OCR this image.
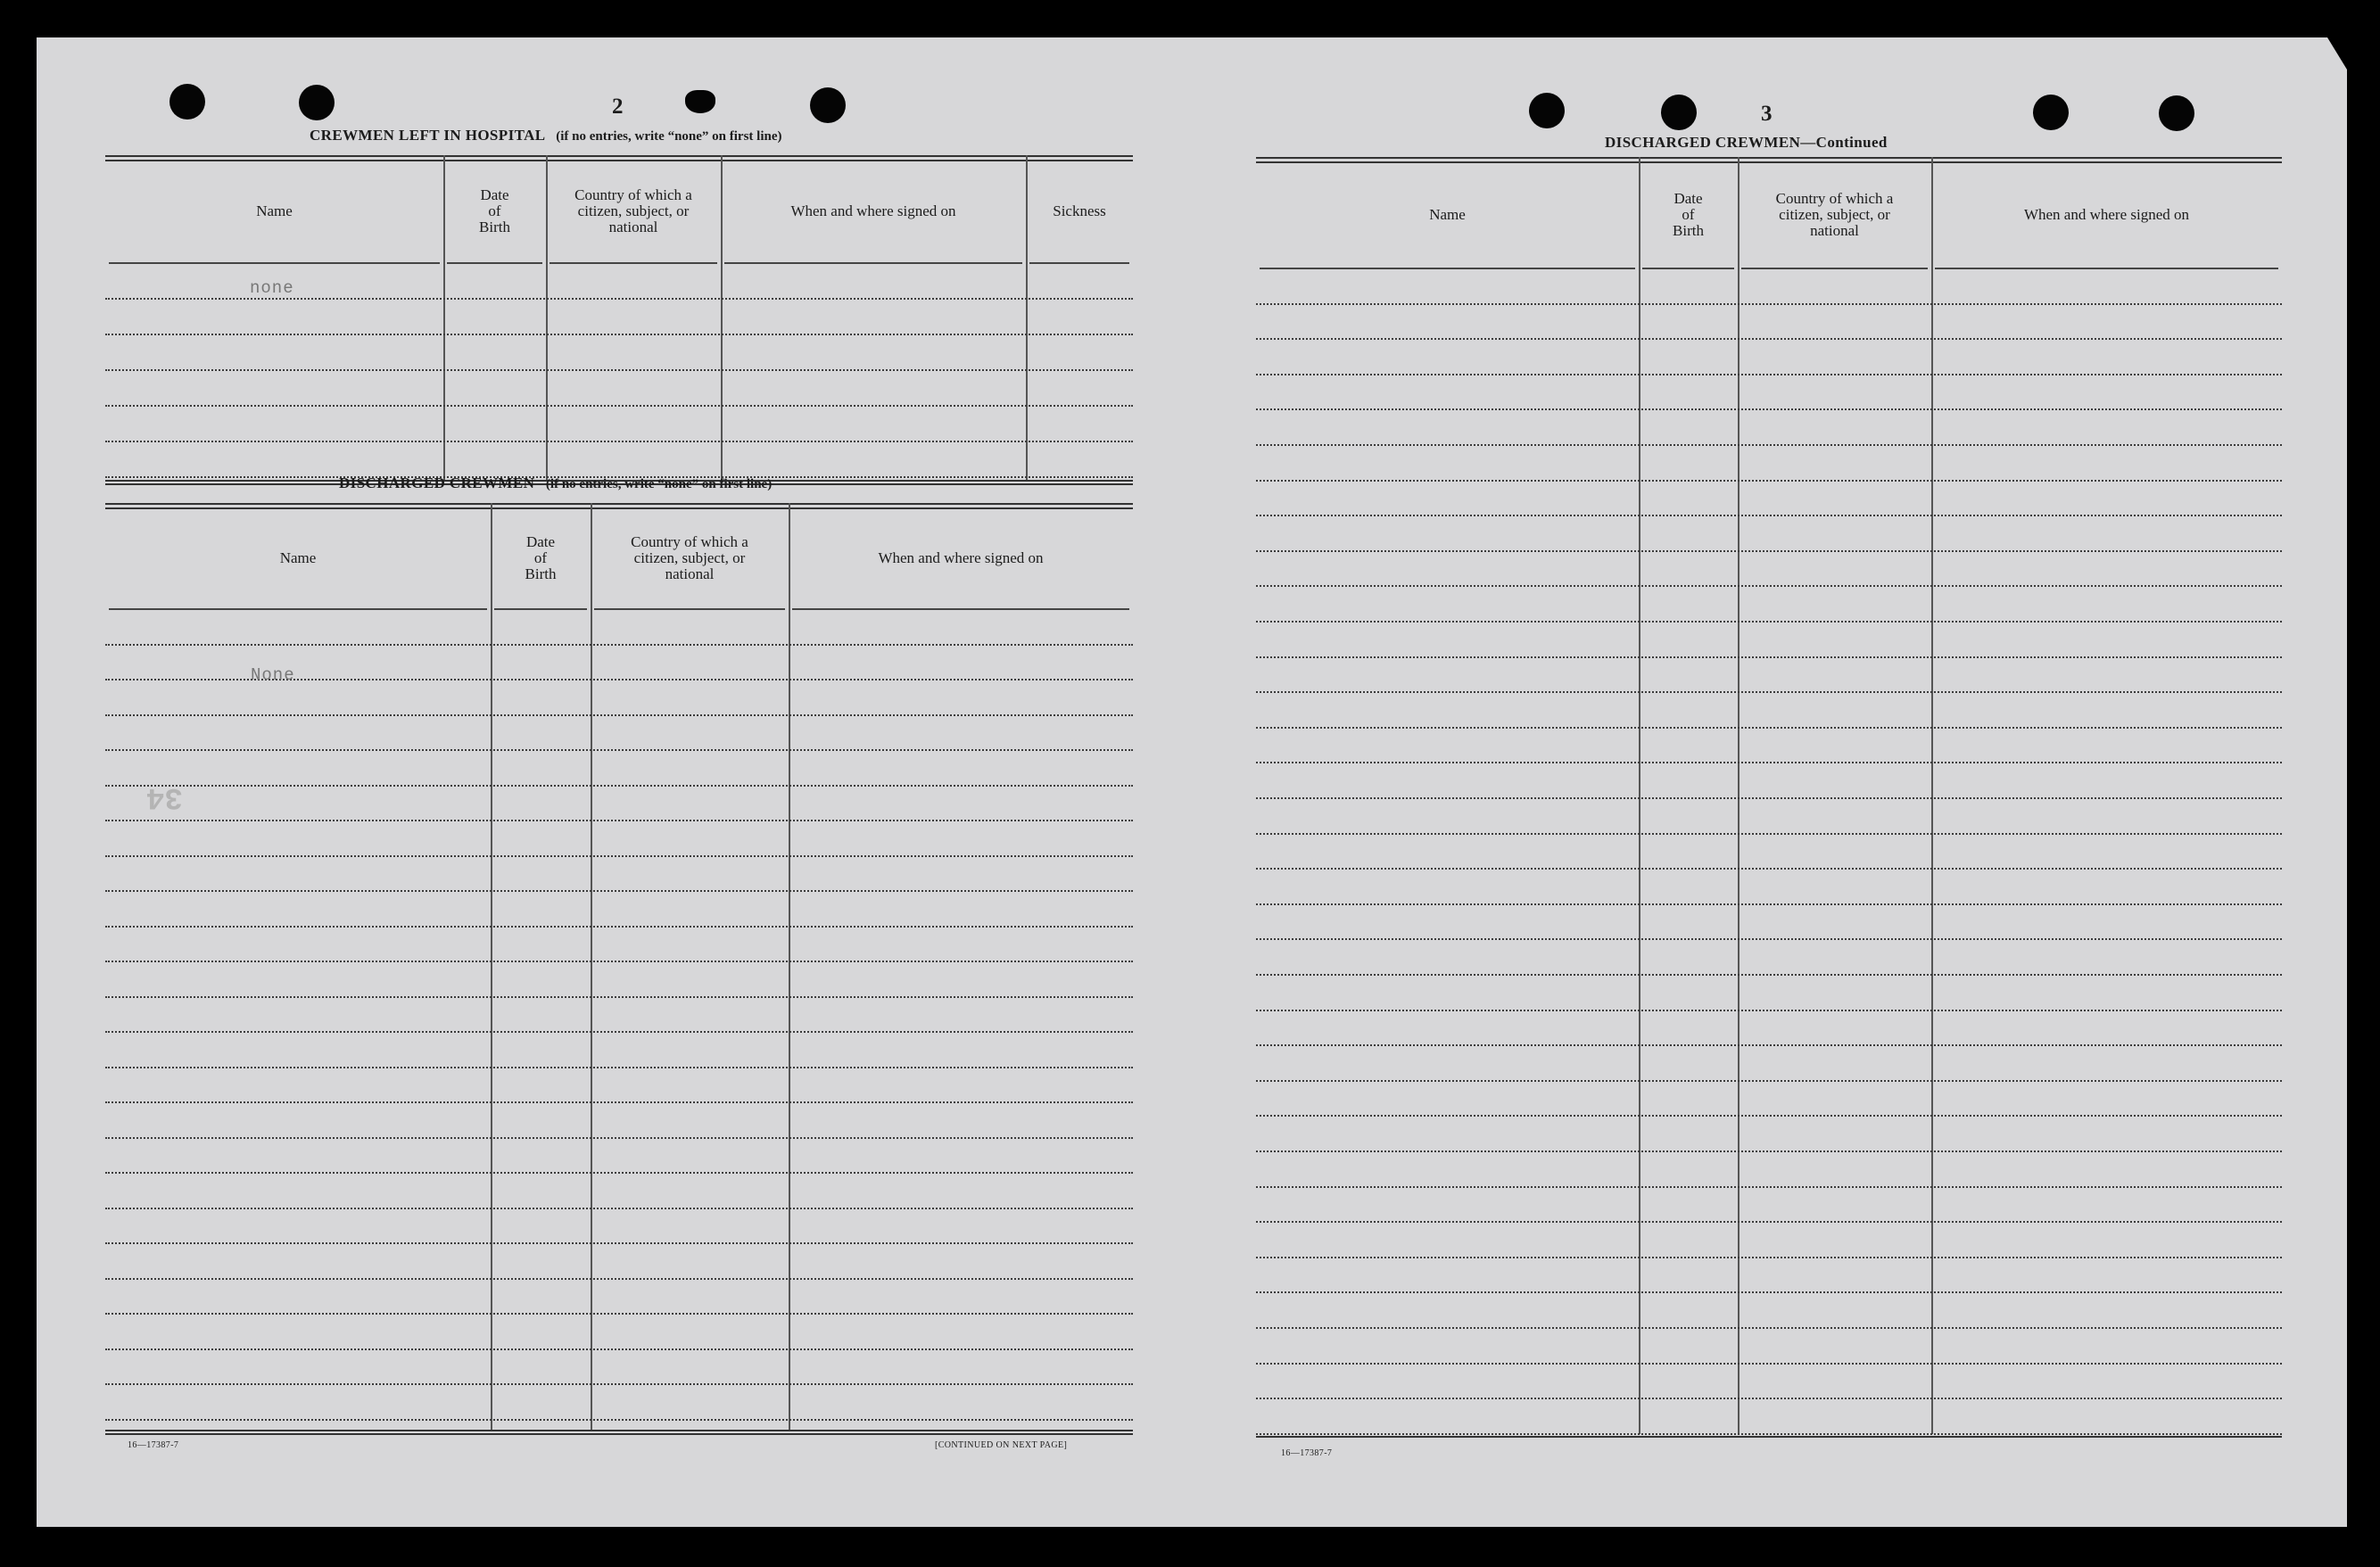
2
CREWMEN LEFT IN HOSPITAL (if no entries, write “none” on first line)
Name
Date
of
Birth
Country of which a
citizen, subject, or
national
When and where signed on	Sickness
none
DISCHARGED CREWMEN (if no entries, write “none” on first line)
Name
Date
of
Birth
Country of which a
citizen, subject, or
national
When and where signed on
None
34
16—17387-7	[CONTINUED ON NEXT PAGE]
3
DISCHARGED CREWMEN—Continued
Name
Date
of
Birth
Country of which a
citizen, subject, or
national
When and where signed on
16—17387-7
